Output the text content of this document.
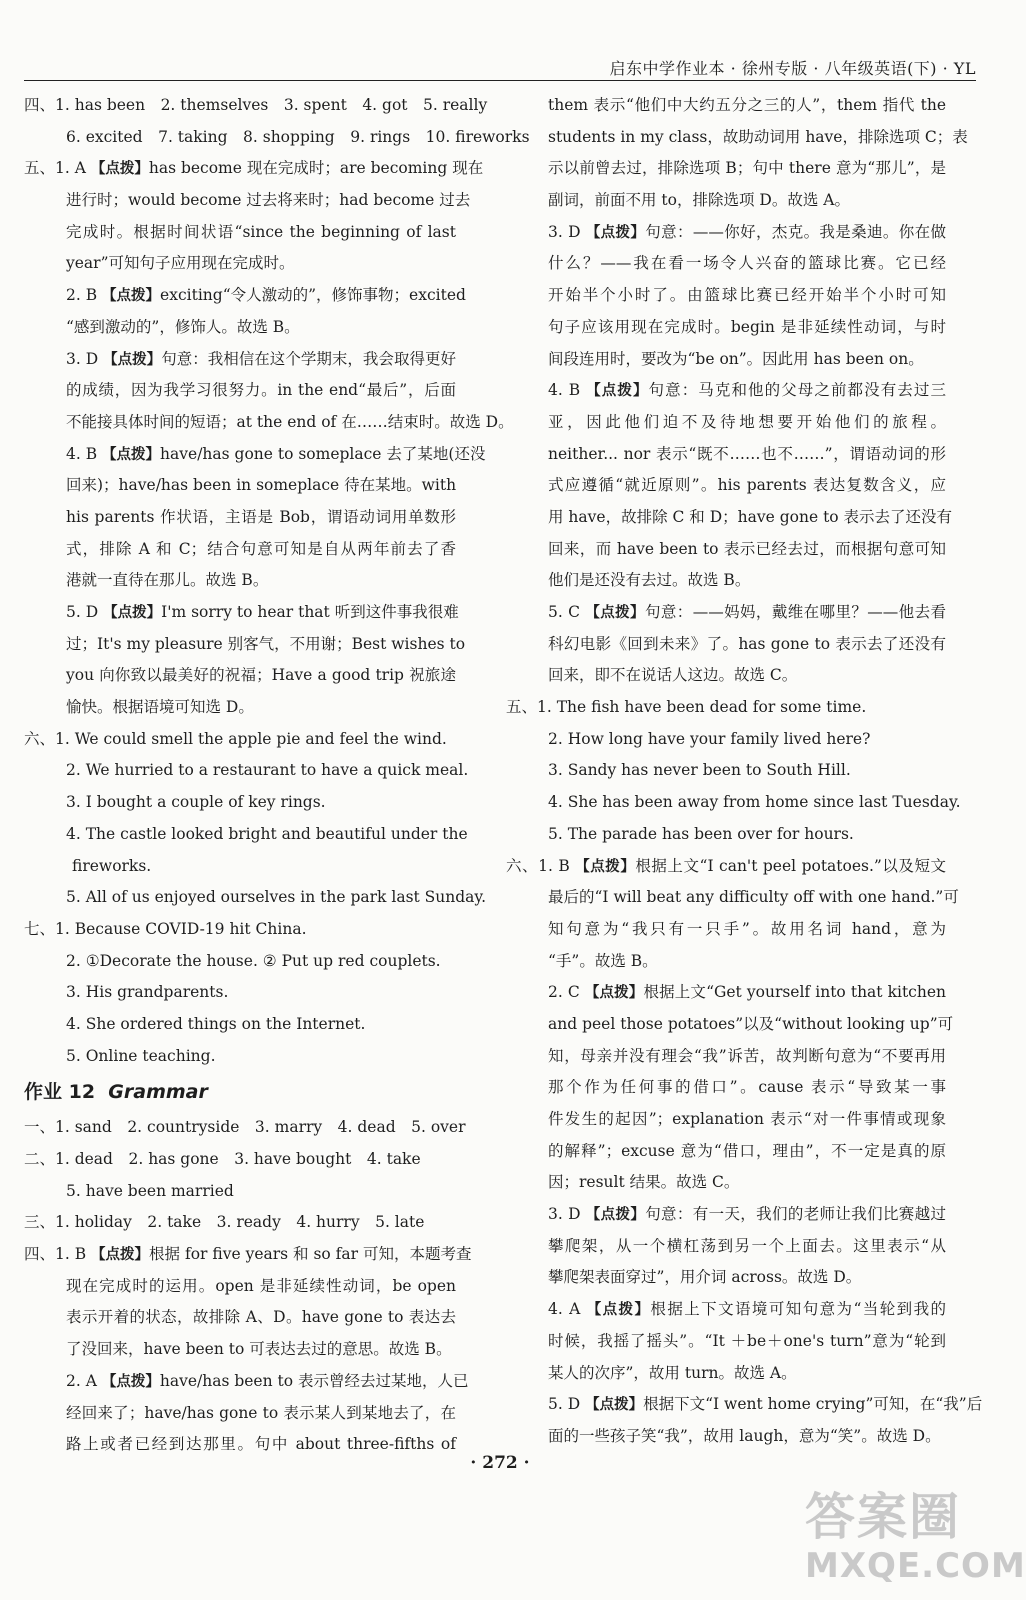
启东中学作业本 · 徐州专版 · 八年级英语(下) · YL
四、1. has been　2. themselves　3. spent　4. got　5. really
6. excited　7. taking　8. shopping　9. rings　10. fireworks
五、1. A 【点拨】has become 现在完成时；are becoming 现在
进行时；would become 过去将来时；had become 过去
完成时。根据时间状语“since the beginning of last
year”可知句子应用现在完成时。
2. B 【点拨】exciting“令人激动的”，修饰事物；excited
“感到激动的”，修饰人。故选 B。
3. D 【点拨】句意：我相信在这个学期末，我会取得更好
的成绩，因为我学习很努力。in the end“最后”，后面
不能接具体时间的短语；at the end of 在……结束时。故选 D。
4. B 【点拨】have/has gone to someplace 去了某地(还没
回来)；have/has been in someplace 待在某地。with
his parents 作状语，主语是 Bob，谓语动词用单数形
式，排除 A 和 C；结合句意可知是自从两年前去了香
港就一直待在那儿。故选 B。
5. D 【点拨】I'm sorry to hear that 听到这件事我很难
过；It's my pleasure 别客气，不用谢；Best wishes to
you 向你致以最美好的祝福；Have a good trip 祝旅途
愉快。根据语境可知选 D。
六、1. We could smell the apple pie and feel the wind.
2. We hurried to a restaurant to have a quick meal.
3. I bought a couple of key rings.
4. The castle looked bright and beautiful under the
fireworks.
5. All of us enjoyed ourselves in the park last Sunday.
七、1. Because COVID-19 hit China.
2. ①Decorate the house. ② Put up red couplets.
3. His grandparents.
4. She ordered things on the Internet.
5. Online teaching.
作业 12 Grammar
一、1. sand　2. countryside　3. marry　4. dead　5. over
二、1. dead　2. has gone　3. have bought　4. take
5. have been married
三、1. holiday　2. take　3. ready　4. hurry　5. late
四、1. B 【点拨】根据 for five years 和 so far 可知，本题考查
现在完成时的运用。open 是非延续性动词，be open
表示开着的状态，故排除 A、D。have gone to 表达去
了没回来，have been to 可表达去过的意思。故选 B。
2. A 【点拨】have/has been to 表示曾经去过某地，人已
经回来了；have/has gone to 表示某人到某地去了，在
路上或者已经到达那里。句中 about three-fifths of
them 表示“他们中大约五分之三的人”，them 指代 the
students in my class，故助动词用 have，排除选项 C；表
示以前曾去过，排除选项 B；句中 there 意为“那儿”，是
副词，前面不用 to，排除选项 D。故选 A。
3. D 【点拨】句意：——你好，杰克。我是桑迪。你在做
什么？——我在看一场令人兴奋的篮球比赛。它已经
开始半个小时了。由篮球比赛已经开始半个小时可知
句子应该用现在完成时。begin 是非延续性动词，与时
间段连用时，要改为“be on”。因此用 has been on。
4. B 【点拨】句意：马克和他的父母之前都没有去过三
亚，因此他们迫不及待地想要开始他们的旅程。
neither... nor 表示“既不……也不……”，谓语动词的形
式应遵循“就近原则”。his parents 表达复数含义，应
用 have，故排除 C 和 D；have gone to 表示去了还没有
回来，而 have been to 表示已经去过，而根据句意可知
他们是还没有去过。故选 B。
5. C 【点拨】句意：——妈妈，戴维在哪里？——他去看
科幻电影《回到未来》了。has gone to 表示去了还没有
回来，即不在说话人这边。故选 C。
五、1. The fish have been dead for some time.
2. How long have your family lived here?
3. Sandy has never been to South Hill.
4. She has been away from home since last Tuesday.
5. The parade has been over for hours.
六、1. B 【点拨】根据上文“I can't peel potatoes.”以及短文
最后的“I will beat any difficulty off with one hand.”可
知句意为“我只有一只手”。故用名词 hand，意为
“手”。故选 B。
2. C 【点拨】根据上文“Get yourself into that kitchen
and peel those potatoes”以及“without looking up”可
知，母亲并没有理会“我”诉苦，故判断句意为“不要再用
那个作为任何事的借口”。cause 表示“导致某一事
件发生的起因”；explanation 表示“对一件事情或现象
的解释”；excuse 意为“借口，理由”，不一定是真的原
因；result 结果。故选 C。
3. D 【点拨】句意：有一天，我们的老师让我们比赛越过
攀爬架，从一个横杠荡到另一个上面去。这里表示“从
攀爬架表面穿过”，用介词 across。故选 D。
4. A 【点拨】根据上下文语境可知句意为“当轮到我的
时候，我摇了摇头”。“It ＋be＋one's turn”意为“轮到
某人的次序”，故用 turn。故选 A。
5. D 【点拨】根据下文“I went home crying”可知，在“我”后
面的一些孩子笑“我”，故用 laugh，意为“笑”。故选 D。
· 272 ·
答案圈
MXQE.COM
